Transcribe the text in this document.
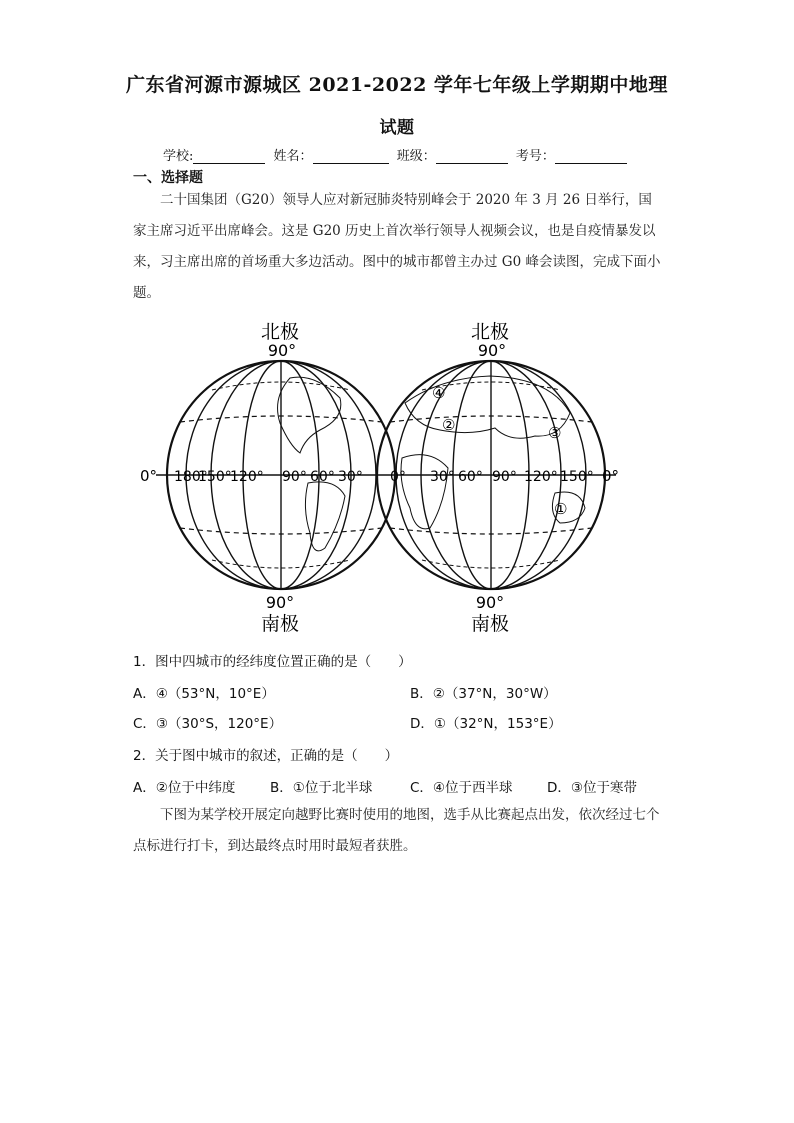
广东省河源市源城区 2021-2022 学年七年级上学期期中地理
试题
学校:	姓名：	班级：	考号：
一、选择题
二十国集团（G20）领导人应对新冠肺炎特别峰会于 2020 年 3 月 26 日举行，国家主席习近平出席峰会。这是 G20 历史上首次举行领导人视频会议，也是自疫情暴发以来，习主席出席的首场重大多边活动。图中的城市都曾主办过 G0 峰会读图，完成下面小题。
北极
90°
北极
90°
90°
南极
90°
南极
0° 180°
150°
120° 90° 60° 30° 0° 30° 60° 90° 120° 150° 0°
④
②	③
①
1．图中四城市的经纬度位置正确的是（　　）
A．④（53°N，10°E）	B．②（37°N，30°W）
C．③（30°S，120°E）	D．①（32°N，153°E）
2．关于图中城市的叙述，正确的是（　　）
A．②位于中纬度	B．①位于北半球	C．④位于西半球	D．③位于寒带
下图为某学校开展定向越野比赛时使用的地图，选手从比赛起点出发，依次经过七个点标进行打卡，到达最终点时用时最短者获胜。
